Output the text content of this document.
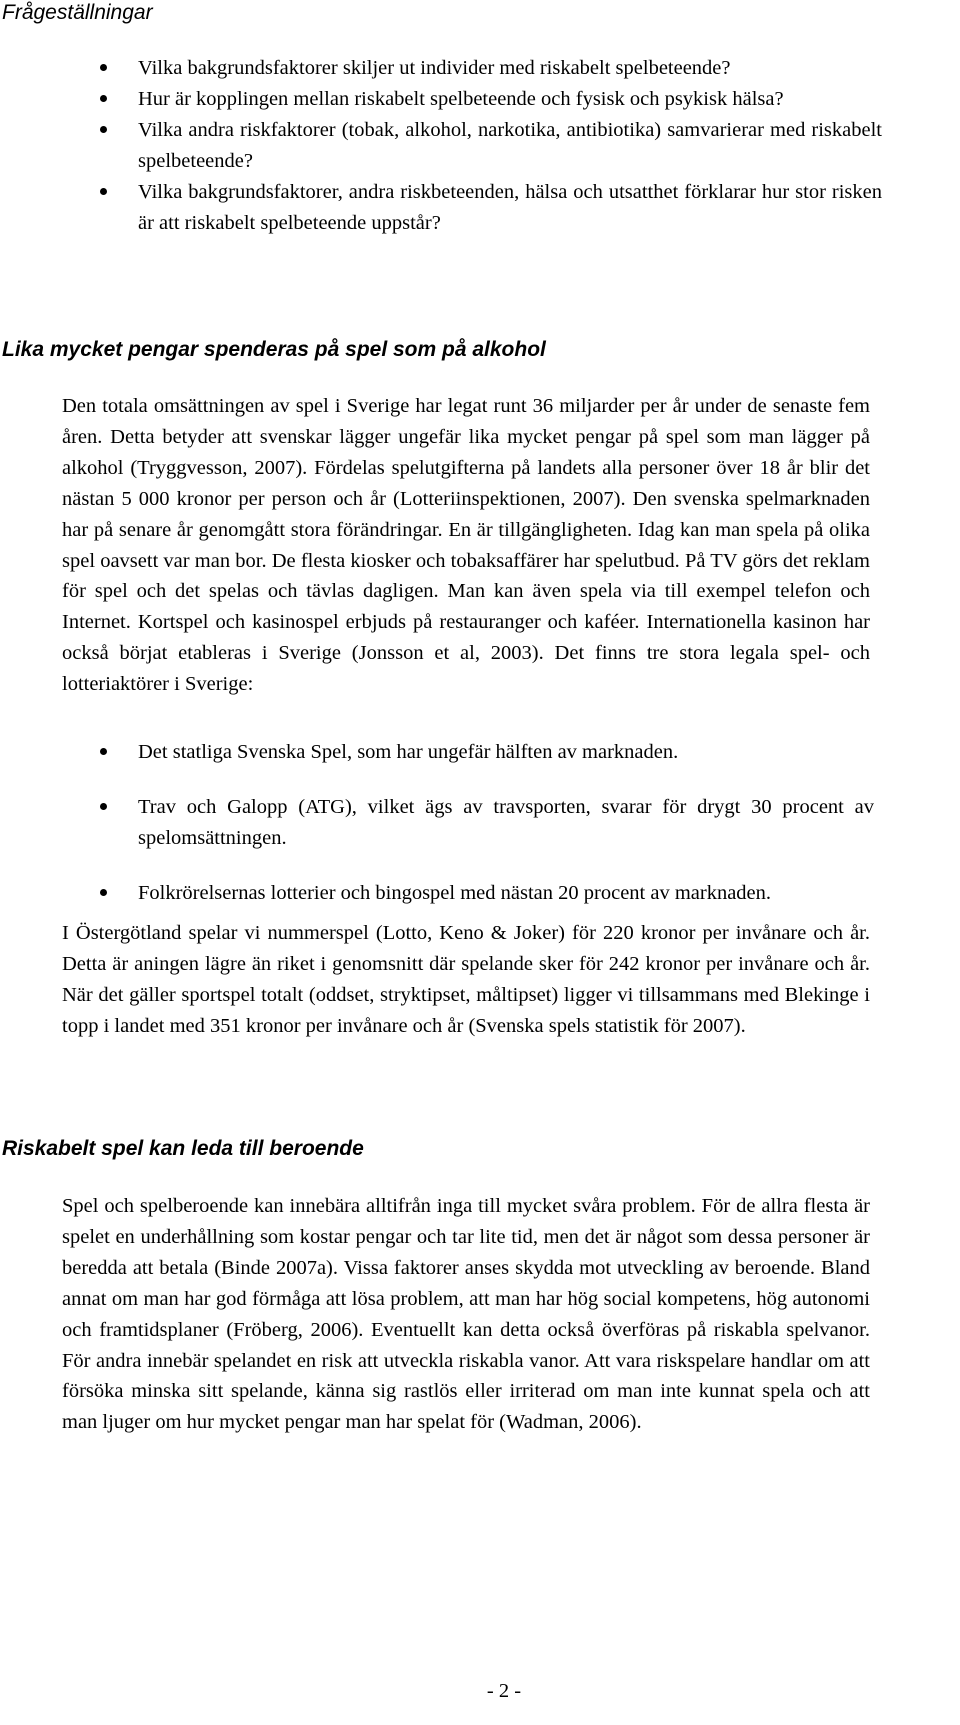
Frågeställningar
Vilka bakgrundsfaktorer skiljer ut individer med riskabelt spelbeteende?
Hur är kopplingen mellan riskabelt spelbeteende och fysisk och psykisk hälsa?
Vilka andra riskfaktorer (tobak, alkohol, narkotika, antibiotika) samvarierar med riskabelt spelbeteende?
Vilka bakgrundsfaktorer, andra riskbeteenden, hälsa och utsatthet förklarar hur stor risken är att riskabelt spelbeteende uppstår?
Lika mycket pengar spenderas på spel som på alkohol

Den totala omsättningen av spel i Sverige har legat runt 36 miljarder per år under de senaste fem åren. Detta betyder att svenskar lägger ungefär lika mycket pengar på spel som man lägger på alkohol (Tryggvesson, 2007). Fördelas spelutgifterna på landets alla personer över 18 år blir det nästan 5 000 kronor per person och år (Lotteriinspektionen, 2007). Den svenska spelmarknaden har på senare år genomgått stora förändringar. En är tillgängligheten. Idag kan man spela på olika spel oavsett var man bor. De flesta kiosker och tobaksaffärer har spelutbud. På TV görs det reklam för spel och det spelas och tävlas dagligen. Man kan även spela via till exempel telefon och Internet. Kortspel och kasinospel erbjuds på restauranger och kaféer. Internationella kasinon har också börjat etableras i Sverige (Jonsson et al, 2003). Det finns tre stora legala spel- och lotteriaktörer i Sverige:

Det statliga Svenska Spel, som har ungefär hälften av marknaden.
Trav och Galopp (ATG), vilket ägs av travsporten, svarar för drygt 30 procent av spelomsättningen.
Folkrörelsernas lotterier och bingospel med nästan 20 procent av marknaden.

I Östergötland spelar vi nummerspel (Lotto, Keno & Joker) för 220 kronor per invånare och år. Detta är aningen lägre än riket i genomsnitt där spelande sker för 242 kronor per invånare och år. När det gäller sportspel totalt (oddset, stryktipset, måltipset) ligger vi tillsammans med Blekinge i topp i landet med 351 kronor per invånare och år (Svenska spels statistik för 2007).

Riskabelt spel kan leda till beroende

Spel och spelberoende kan innebära alltifrån inga till mycket svåra problem. För de allra flesta är spelet en underhållning som kostar pengar och tar lite tid, men det är något som dessa personer är beredda att betala (Binde 2007a). Vissa faktorer anses skydda mot utveckling av beroende. Bland annat om man har god förmåga att lösa problem, att man har hög social kompetens, hög autonomi och framtidsplaner (Fröberg, 2006). Eventuellt kan detta också överföras på riskabla spelvanor. För andra innebär spelandet en risk att utveckla riskabla vanor. Att vara riskspelare handlar om att försöka minska sitt spelande, känna sig rastlös eller irriterad om man inte kunnat spela och att man ljuger om hur mycket pengar man har spelat för (Wadman, 2006).

- 2 -
